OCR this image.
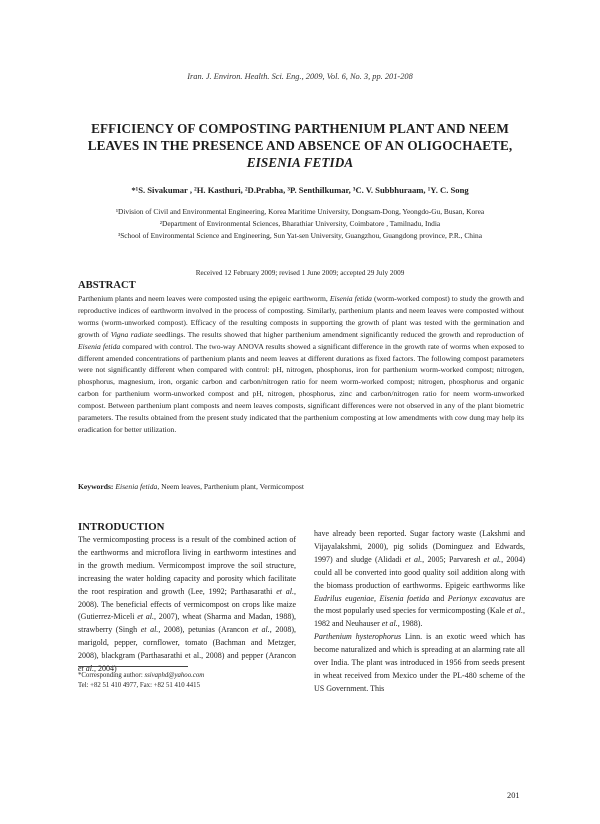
Iran. J. Environ. Health. Sci. Eng., 2009, Vol. 6, No. 3, pp. 201-208
EFFICIENCY OF COMPOSTING PARTHENIUM PLANT AND NEEM LEAVES IN THE PRESENCE AND ABSENCE OF AN OLIGOCHAETE, EISENIA FETIDA
*¹S. Sivakumar , ²H. Kasthuri, ²D.Prabha, ³P. Senthilkumar, ³C. V. Subbhuraam, ¹Y. C. Song

¹Division of Civil and Environmental Engineering, Korea Maritime University, Dongsam-Dong, Yeongdo-Gu, Busan, Korea

²Department of Environmental Sciences, Bharathiar University, Coimbatore , Tamilnadu, India

³School of Environmental Science and Engineering, Sun Yat-sen University, Guangzhou, Guangdong province, P.R., China

Received 12 February 2009; revised 1 June 2009; accepted 29 July 2009
ABSTRACT
Parthenium plants and neem leaves were composted using the epigeic earthworm, Eisenia fetida (worm-worked compost) to study the growth and reproductive indices of earthworm involved in the process of composting. Similarly, parthenium plants and neem leaves were composted without worms (worm-unworked compost). Efficacy of the resulting composts in supporting the growth of plant was tested with the germination and growth of Vigna radiate seedlings. The results showed that higher parthenium amendment significantly reduced the growth and reproduction of Eisenia fetida compared with control. The two-way ANOVA results showed a significant difference in the growth rate of worms when exposed to different amended concentrations of parthenium plants and neem leaves at different durations as fixed factors. The following compost parameters were not significantly different when compared with control: pH, nitrogen, phosphorus, iron for parthenium worm-worked compost; nitrogen, phosphorus, magnesium, iron, organic carbon and carbon/nitrogen ratio for neem worm-worked compost; nitrogen, phosphorus and organic carbon for parthenium worm-unworked compost and pH, nitrogen, phosphorus, zinc and carbon/nitrogen ratio for neem worm-unworked compost. Between parthenium plant composts and neem leaves composts, significant differences were not observed in any of the plant biometric parameters. The results obtained from the present study indicated that the parthenium composting at low amendments with cow dung may help its eradication for better utilization.
Keywords: Eisenia fetida, Neem leaves, Parthenium plant, Vermicompost
INTRODUCTION
The vermicomposting process is a result of the combined action of the earthworms and microflora living in earthworm intestines and in the growth medium. Vermicompost improve the soil structure, increasing the water holding capacity and porosity which facilitate the root respiration and growth (Lee, 1992; Parthasarathi et al., 2008). The beneficial effects of vermicompost on crops like maize (Gutierrez-Miceli et al., 2007), wheat (Sharma and Madan, 1988), strawberry (Singh et al., 2008), petunias (Arancon et al., 2008), marigold, pepper, cornflower, tomato (Bachman and Metzger, 2008), blackgram (Parthasarathi et al., 2008) and pepper (Arancon et al., 2004)

have already been reported. Sugar factory waste (Lakshmi and Vijayalakshmi, 2000), pig solids (Dominguez and Edwards, 1997) and sludge (Alidadi et al., 2005; Parvaresh et al., 2004) could all be converted into good quality soil addition along with the biomass production of earthworms. Epigeic earthworms like Eudrilus eugeniae, Eisenia foetida and Perionyx excavatus are the most popularly used species for vermicomposting (Kale et al., 1982 and Neuhauser et al., 1988).

Parthenium hysterophorus Linn. is an exotic weed which has become naturalized and which is spreading at an alarming rate all over India. The plant was introduced in 1956 from seeds present in wheat received from Mexico under the PL-480 scheme of the US Government. This

*Corresponding author: ssivaphd@yahoo.com
Tel: +82 51 410 4977, Fax: +82 51 410 4415
201
